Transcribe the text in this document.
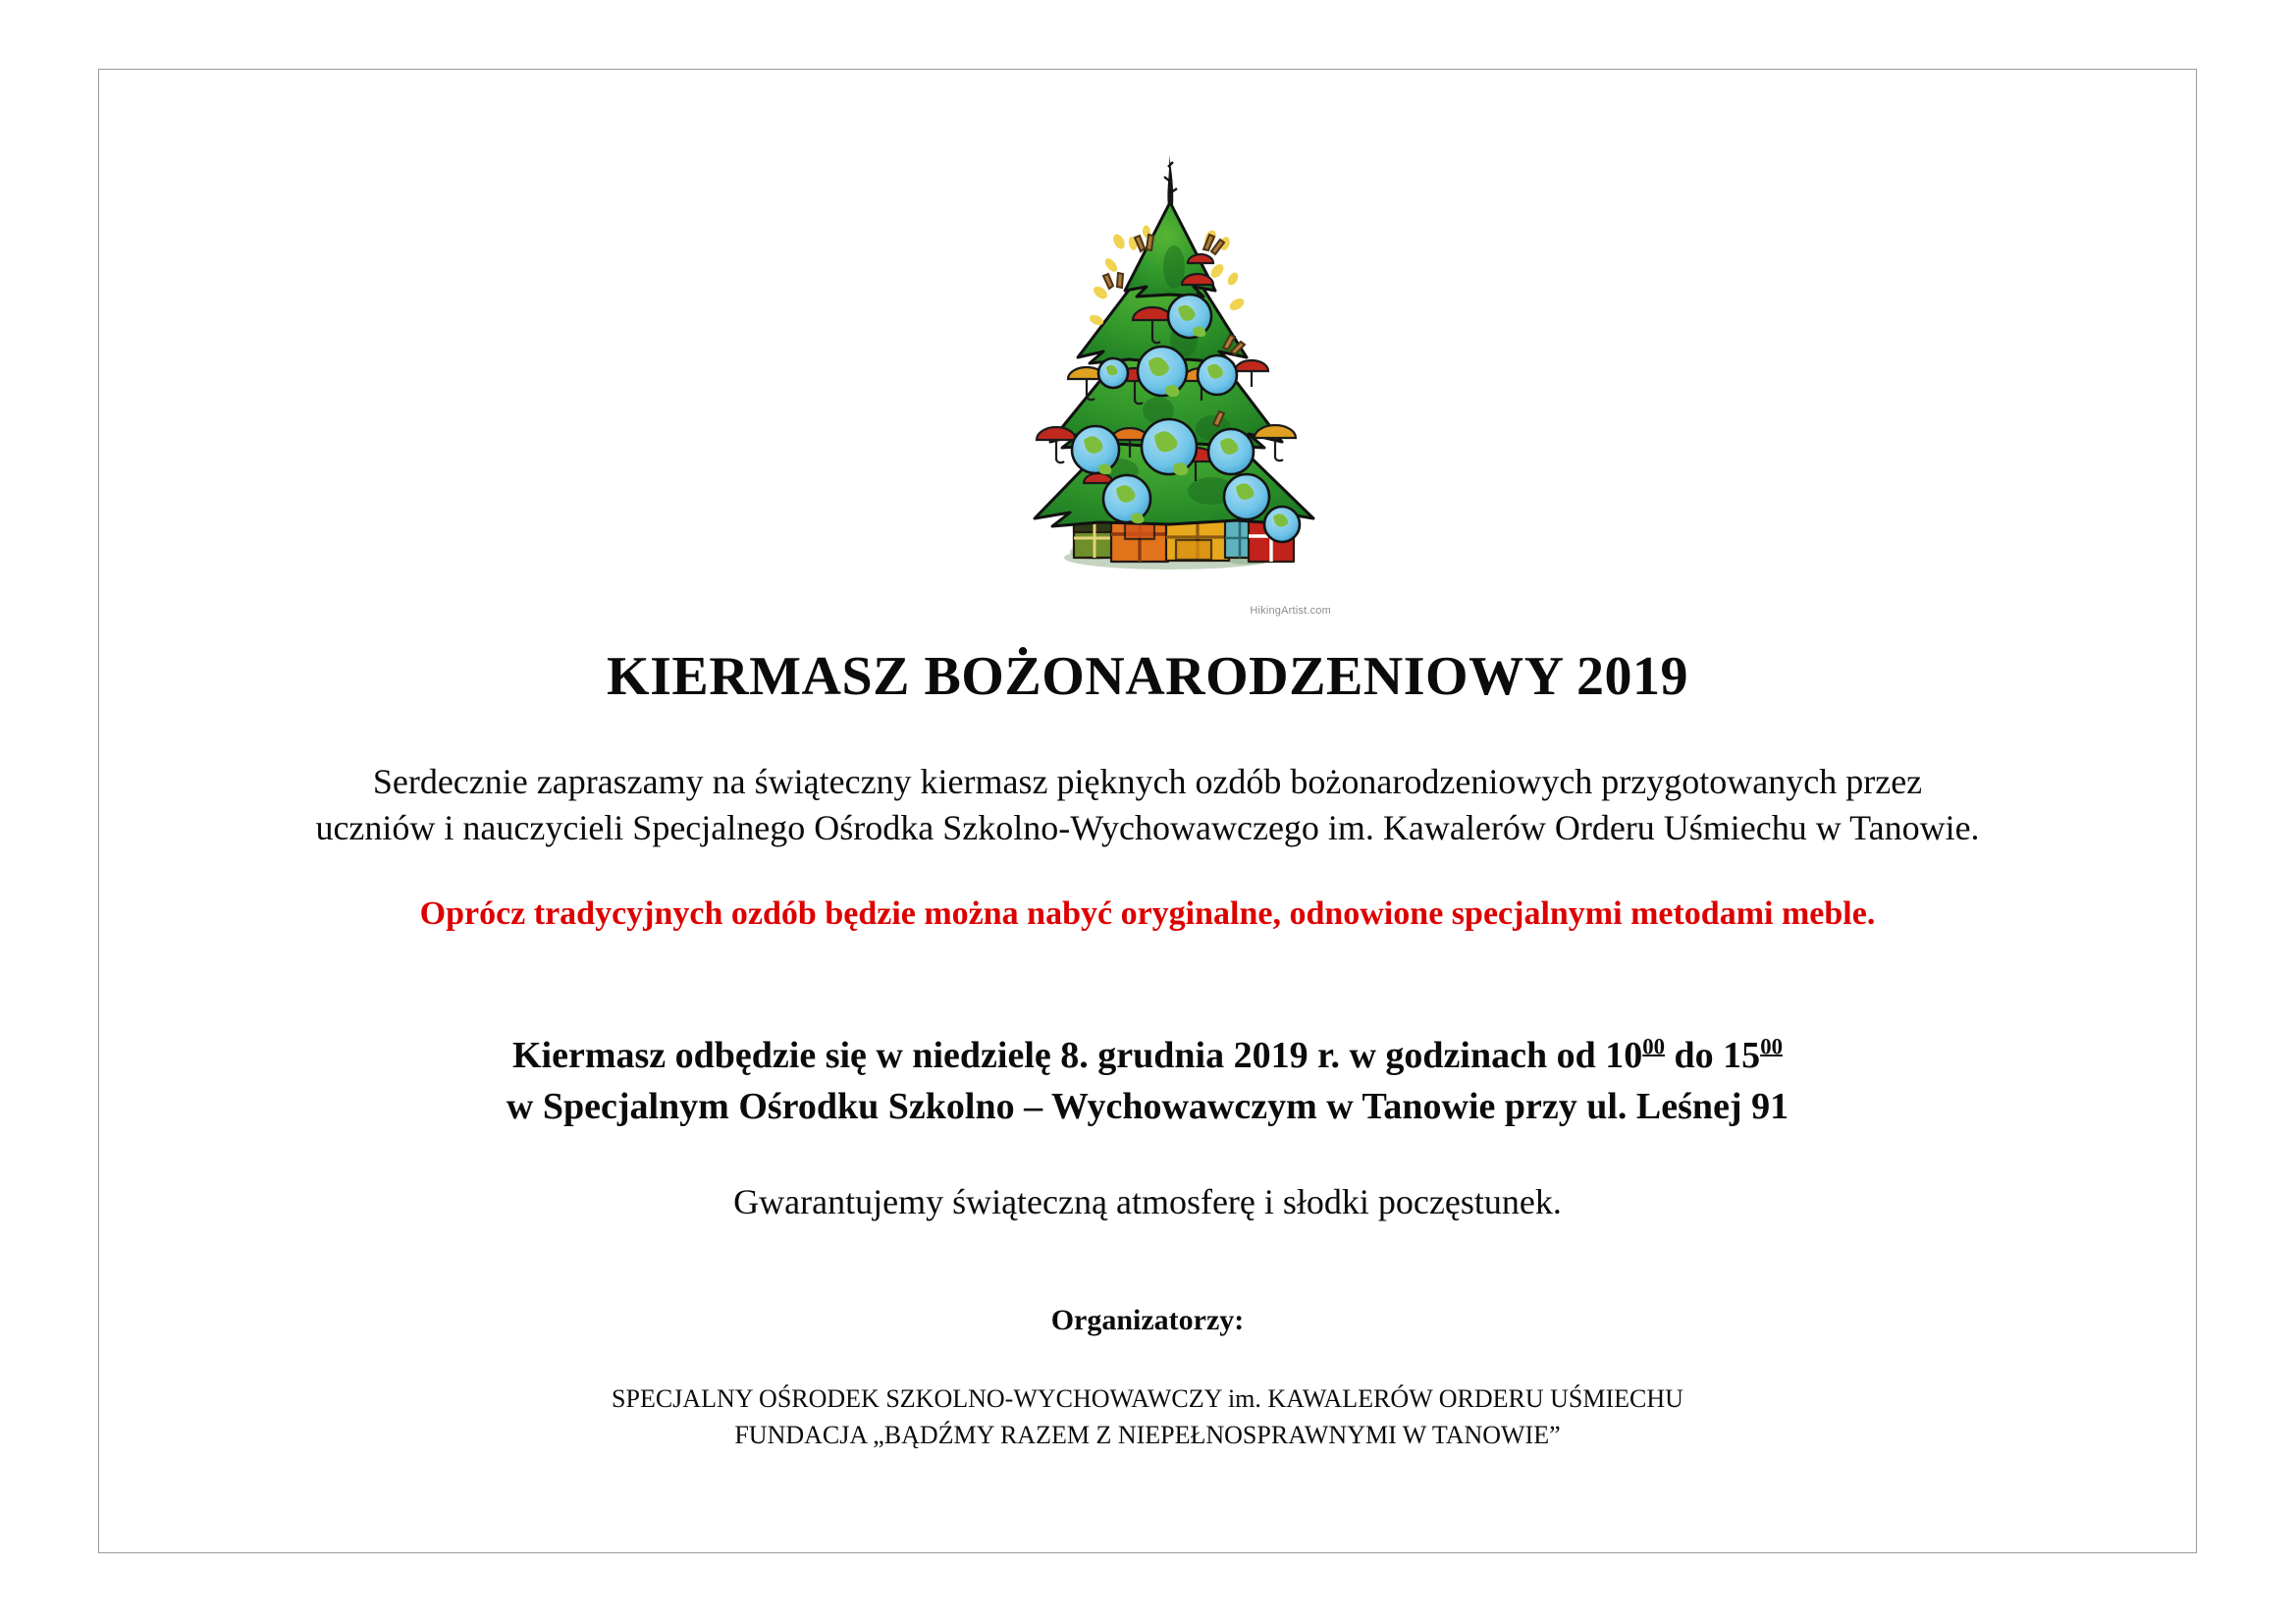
HikingArtist.com
KIERMASZ BOŻONARODZENIOWY 2019

Serdecznie zapraszamy na świąteczny kiermasz pięknych ozdób bożonarodzeniowych przygotowanych przez
uczniów i nauczycieli Specjalnego Ośrodka Szkolno-Wychowawczego im. Kawalerów Orderu Uśmiechu w Tanowie.

Oprócz tradycyjnych ozdób będzie można nabyć oryginalne, odnowione specjalnymi metodami meble.

Kiermasz odbędzie się w niedzielę 8. grudnia 2019 r. w godzinach od $10^{00}$ do $15^{00}$
w Specjalnym Ośrodku Szkolno – Wychowawczym w Tanowie przy ul. Leśnej 91

Gwarantujemy świąteczną atmosferę i słodki poczęstunek.

Organizatorzy:

SPECJALNY OŚRODEK SZKOLNO-WYCHOWAWCZY im. KAWALERÓW ORDERU UŚMIECHU
FUNDACJA „BĄDŹMY RAZEM Z NIEPEŁNOSPRAWNYMI W TANOWIE”
